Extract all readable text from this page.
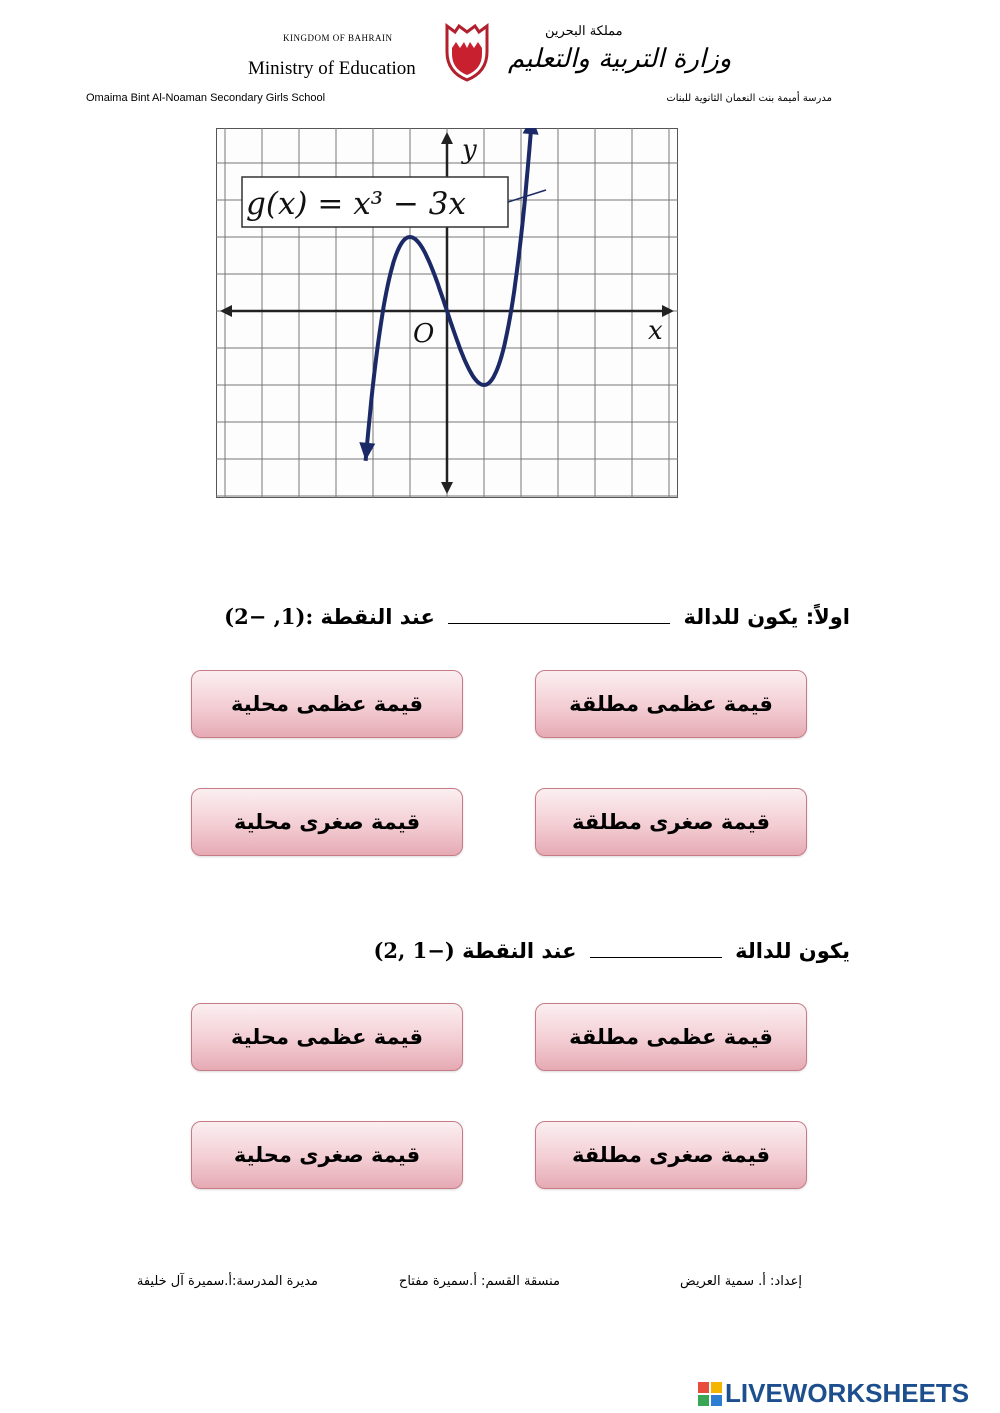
KINGDOM OF BAHRAIN
Ministry of Education
مملكة البحرين
وزارة التربية والتعليم
Omaima Bint Al-Noaman Secondary Girls School	مدرسة أميمة بنت النعمان الثانوية للبنات
g(x) = x³ − 3x
y
x
O
اولاً: يكون للدالة  عند النقطة (2− ,1):
قيمة عظمى مطلقة
قيمة عظمى محلية
قيمة صغرى مطلقة
قيمة صغرى محلية
يكون للدالة  عند النقطة (2, 1−)
قيمة عظمى مطلقة
قيمة عظمى محلية
قيمة صغرى مطلقة
قيمة صغرى محلية
إعداد: أ. سمية العريض
منسقة القسم: أ.سميرة مفتاح
مديرة المدرسة:أ.سميرة آل خليفة
LIVEWORKSHEETS
